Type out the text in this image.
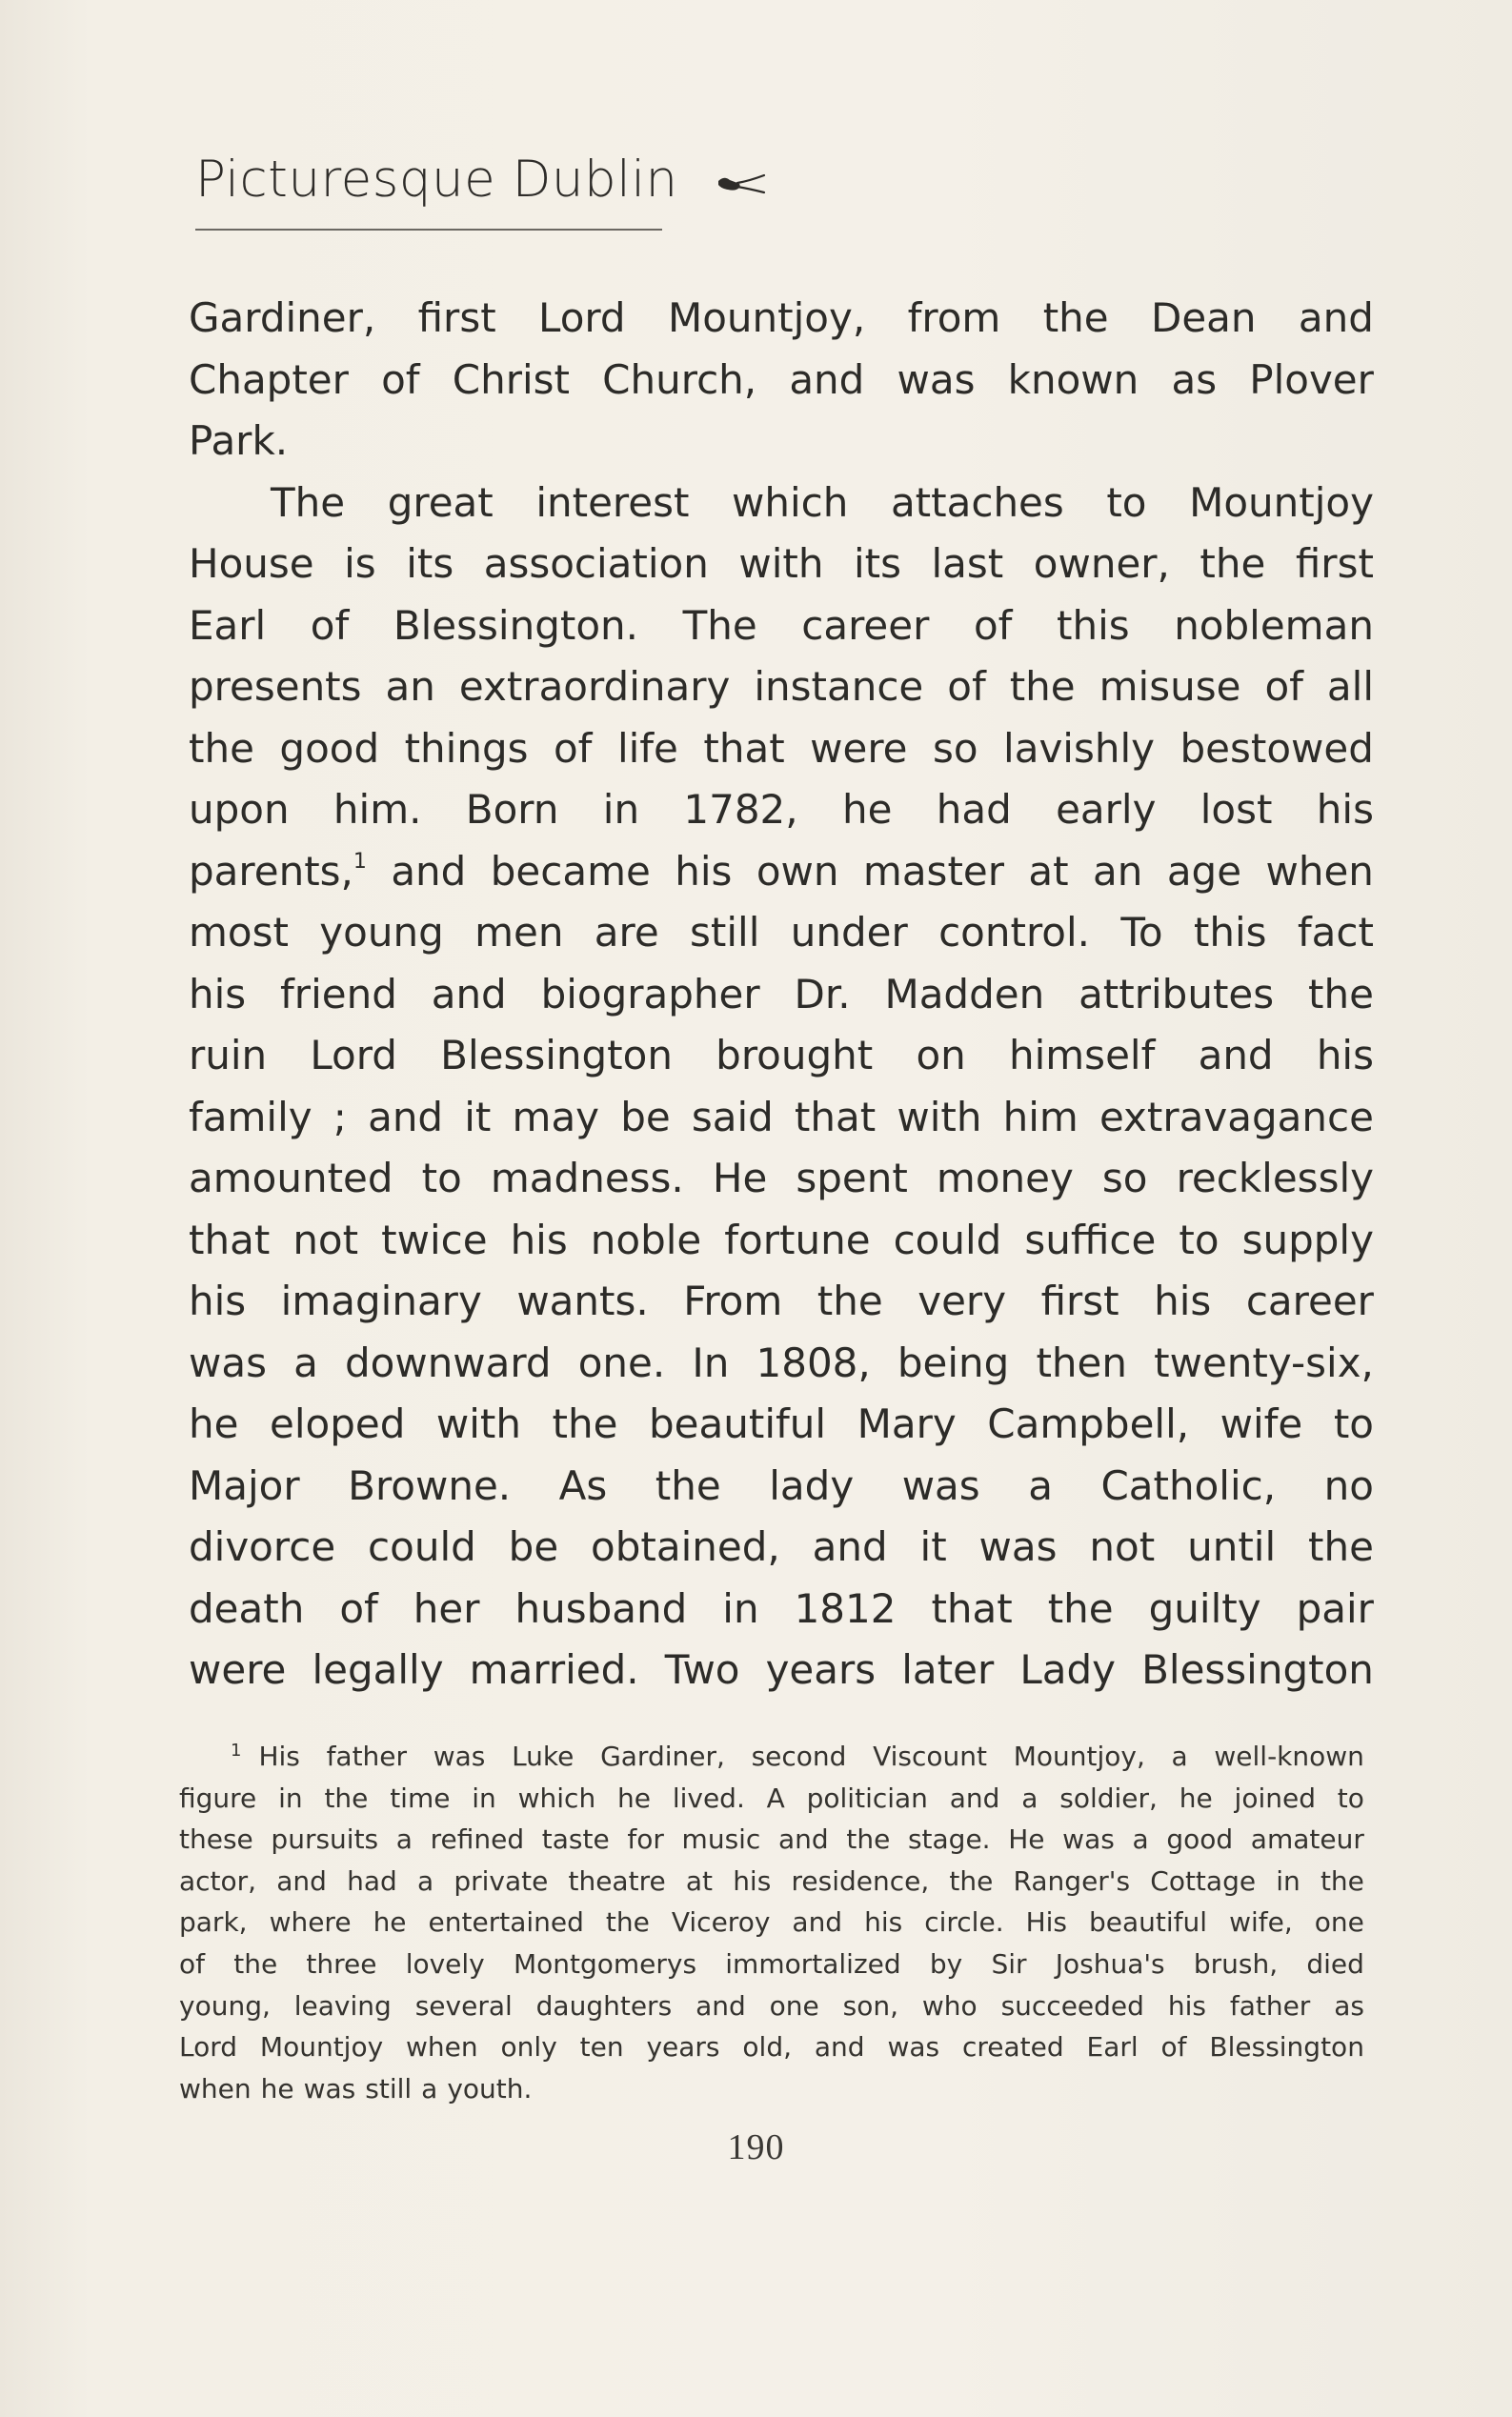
Picturesque Dublin
Gardiner, first Lord Mountjoy, from the Dean and
Chapter of Christ Church, and was known as Plover
Park.
The great interest which attaches to Mountjoy
House is its association with its last owner, the first
Earl of Blessington. The career of this nobleman
presents an extraordinary instance of the misuse of all
the good things of life that were so lavishly bestowed
upon him. Born in 1782, he had early lost his
parents,$^1$ and became his own master at an age when
most young men are still under control. To this fact
his friend and biographer Dr. Madden attributes the
ruin Lord Blessington brought on himself and his
family ; and it may be said that with him extravagance
amounted to madness. He spent money so recklessly
that not twice his noble fortune could suffice to supply
his imaginary wants. From the very first his career
was a downward one. In 1808, being then twenty-six,
he eloped with the beautiful Mary Campbell, wife to
Major Browne. As the lady was a Catholic, no
divorce could be obtained, and it was not until the
death of her husband in 1812 that the guilty pair
were legally married. Two years later Lady Blessington
$^1$ His father was Luke Gardiner, second Viscount Mountjoy, a well-known
figure in the time in which he lived. A politician and a soldier, he joined to
these pursuits a refined taste for music and the stage. He was a good amateur
actor, and had a private theatre at his residence, the Ranger's Cottage in the
park, where he entertained the Viceroy and his circle. His beautiful wife, one
of the three lovely Montgomerys immortalized by Sir Joshua's brush, died
young, leaving several daughters and one son, who succeeded his father as
Lord Mountjoy when only ten years old, and was created Earl of Blessington
when he was still a youth.
190
